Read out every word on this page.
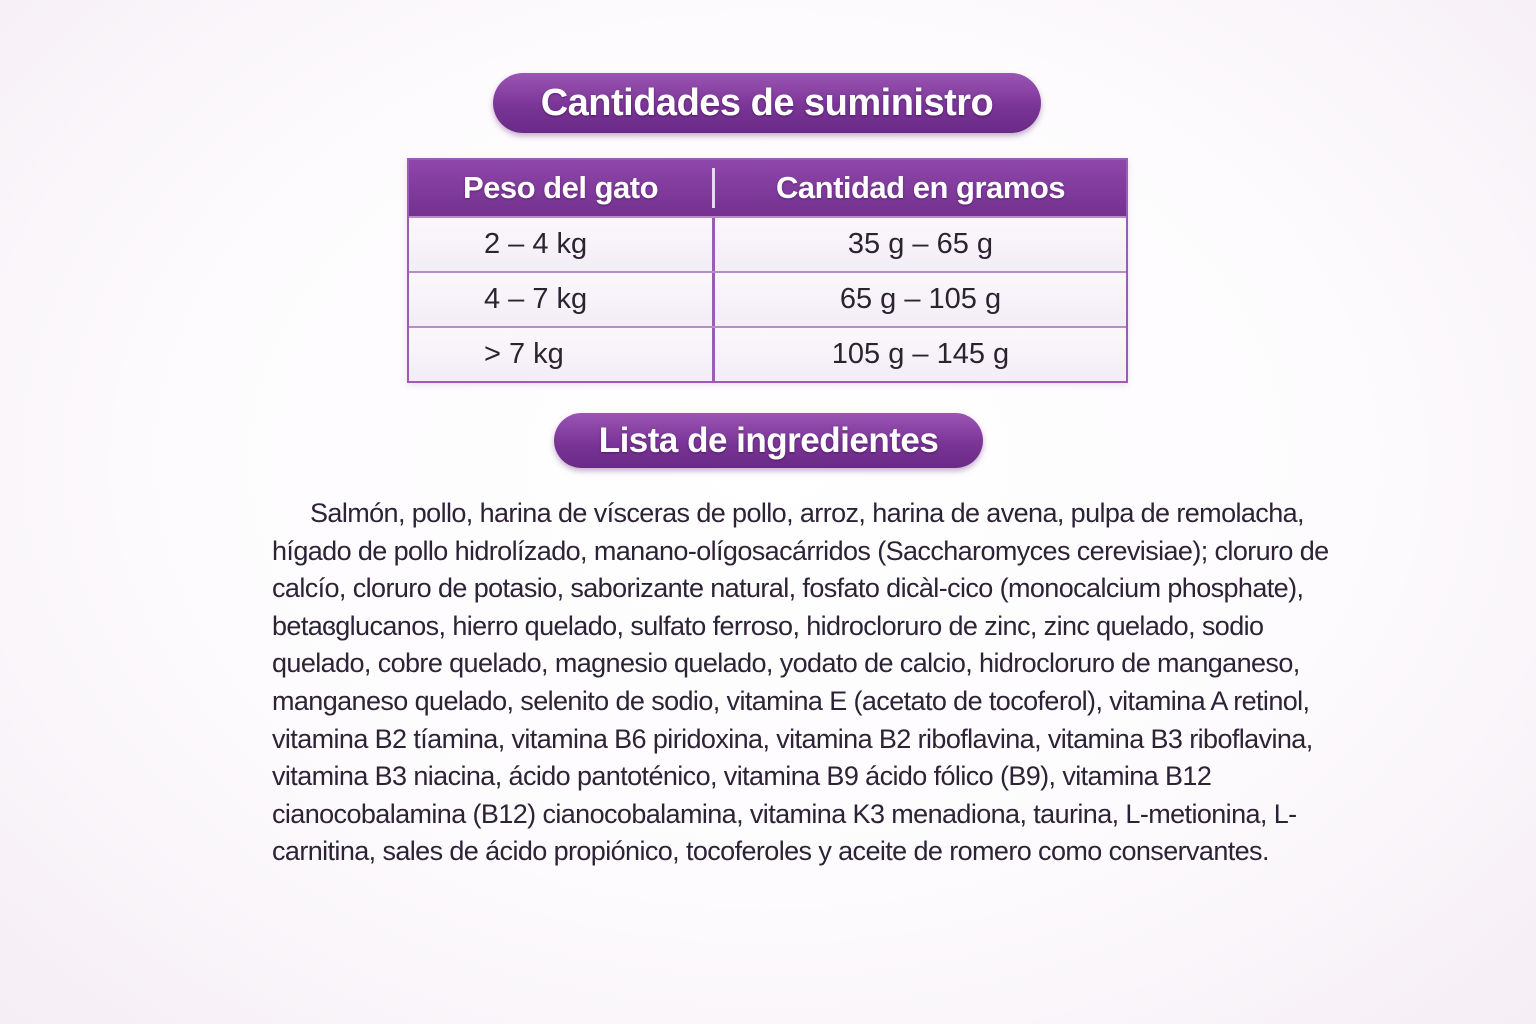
Cantidades de suministro
Peso del gato	Cantidad en gramos
2 – 4 kg	35 g – 65 g
4 – 7 kg	65 g – 105 g
> 7 kg	105 g – 145 g
Lista de ingredientes

Salmón, pollo, harina de vísceras de pollo, arroz, harina de avena, pulpa de remolacha, hígado de pollo hidrolízado, manano-olígosacárridos (Saccharomyces cerevisiae); cloruro de calcío, cloruro de potasio, saborizante natural, fosfato dicàl-cico (monocalcium phosphate), betaɞglucanos, hierro quelado, sulfato ferroso, hidrocloruro de zinc, zinc quelado, sodio quelado, cobre quelado, magnesio quelado, yodato de calcio, hidrocloruro de manganeso, manganeso quelado, selenito de sodio, vitamina E (acetato de tocoferol), vitamina A retinol, vitamina B2 tíamina, vitamina B6 piridoxina, vitamina B2 riboflavina, vitamina B3 riboflavina, vitamina B3 niacina, ácido pantoténico, vitamina B9 ácido fólico (B9), vitamina B12 cianocobalamina (B12) cianocobalamina, vitamina K3 menadiona, taurina, L-metionina, L-carnitina, sales de ácido propiónico, tocoferoles y aceite de romero como conservantes.
